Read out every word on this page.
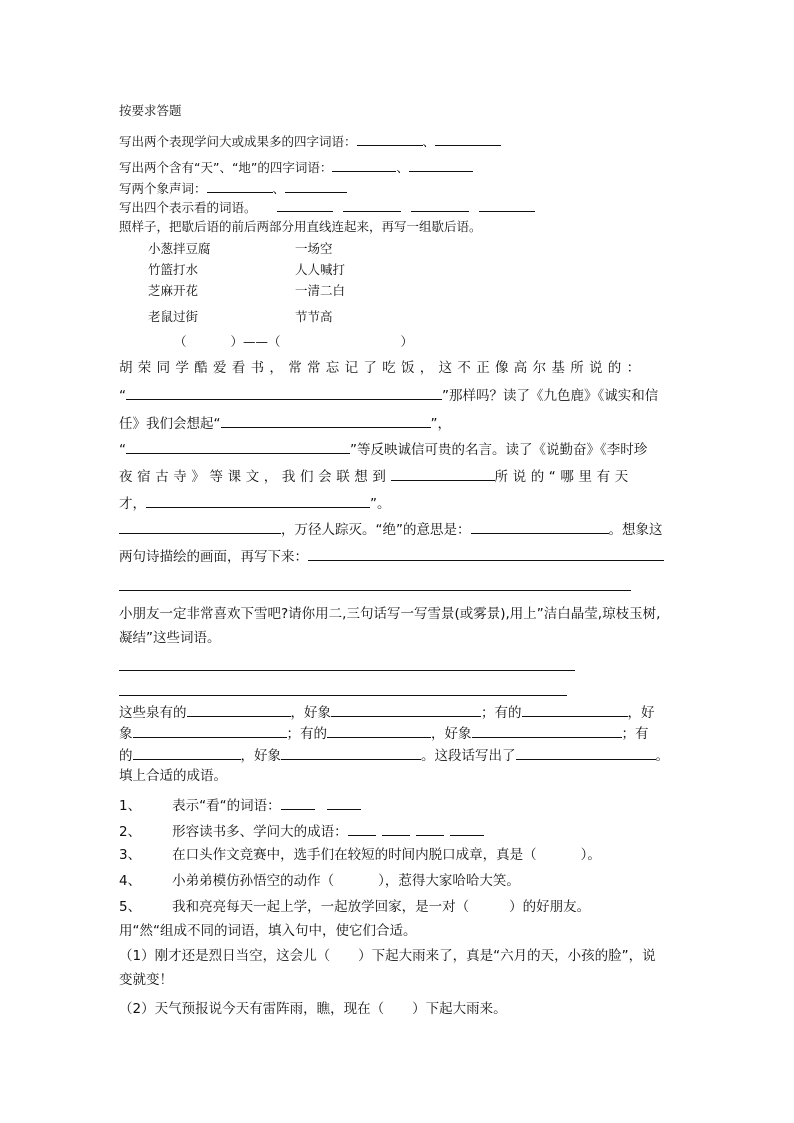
按要求答题
写出两个表现学问大或成果多的四字词语：	、
写出两个含有“天”、“地”的四字词语：	、
写两个象声词：	、
写出四个表示看的词语。
照样子，把歇后语的前后两部分用直线连起来，再写一组歇后语。
小葱拌豆腐	一场空
竹篮打水	人人喊打
芝麻开花	一清二白
老鼠过街	节节高
（	）——（	）
胡荣同学酷爱看书，常常忘记了吃饭，这不正像高尔基所说的：
“	”那样吗？读了《九色鹿》《诚实和信
任》我们会想起“	”，
“	”等反映诚信可贵的名言。读了《说勤奋》《李时珍
夜宿古寺》等课文，我们会联想到	所说的“哪里有天
才，	”。
，万径人踪灭。“绝”的意思是：	。想象这
两句诗描绘的画面，再写下来：
小朋友一定非常喜欢下雪吧?请你用二,三句话写一写雪景(或雾景),用上”洁白晶莹,琼枝玉树,
凝结”这些词语。
这些泉有的	，好象	；有的	，好
象	；有的	，好象	；有
的	，好象	。这段话写出了	。
填上合适的成语。
1、 表示“看“的词语：
2、 形容读书多、学问大的成语：
3、 在口头作文竞赛中，选手们在较短的时间内脱口成章，真是（	）。
4、 小弟弟模仿孙悟空的动作（	），惹得大家哈哈大笑。
5、 我和亮亮每天一起上学，一起放学回家，是一对（	）的好朋友。
用“然“组成不同的词语，填入句中，使它们合适。
（1）刚才还是烈日当空，这会儿（ ）下起大雨来了，真是“六月的天，小孩的脸”，说
变就变！
（2）天气预报说今天有雷阵雨，瞧，现在（ ）下起大雨来。
